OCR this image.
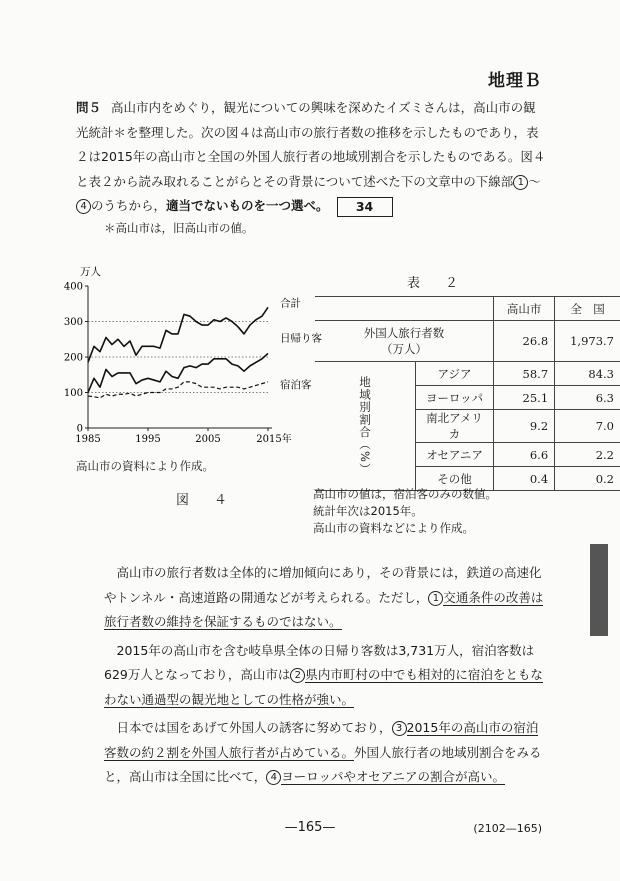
地理Ｂ
問５ 高山市内をめぐり，観光についての興味を深めたイズミさんは，高山市の観光統計＊を整理した。次の図４は高山市の旅行者数の推移を示したものであり，表２は2015年の高山市と全国の外国人旅行者の地域別割合を示したものである。図４と表２から読み取れることがらとその背景について述べた下の文章中の下線部 1 ～4 のうちから，適当でないものを一つ選べ。 34
＊高山市は，旧高山市の値。
万人
0
100
200
300
400
1985	1995	2005	2015年
合計
日帰り客
宿泊客
高山市の資料により作成。
図　４
表　２
		高山市	全　国
外国人旅行者数
（万人）		26.8	1,973.7
地域別割合（%）	アジア	58.7	84.3
	ヨーロッパ	25.1	6.3
	南北アメリカ	9.2	7.0
	オセアニア	6.6	2.2
	その他	0.4	0.2
高山市の値は，宿泊客のみの数値。
統計年次は2015年。
高山市の資料などにより作成。

　高山市の旅行者数は全体的に増加傾向にあり，その背景には，鉄道の高速化やトンネル・高速道路の開通などが考えられる。ただし， 1 交通条件の改善は旅行者数の維持を保証するものではない。

　2015年の高山市を含む岐阜県全体の日帰り客数は3,731万人，宿泊客数は629万人となっており，高山市は 2 県内市町村の中でも相対的に宿泊をともなわない通過型の観光地としての性格が強い。

　日本では国をあげて外国人の誘客に努めており， 3 2015年の高山市の宿泊客数の約２割を外国人旅行者が占めている。外国人旅行者の地域別割合をみると，高山市は全国に比べて， 4 ヨーロッパやオセアニアの割合が高い。

—165—	(2102—165)
